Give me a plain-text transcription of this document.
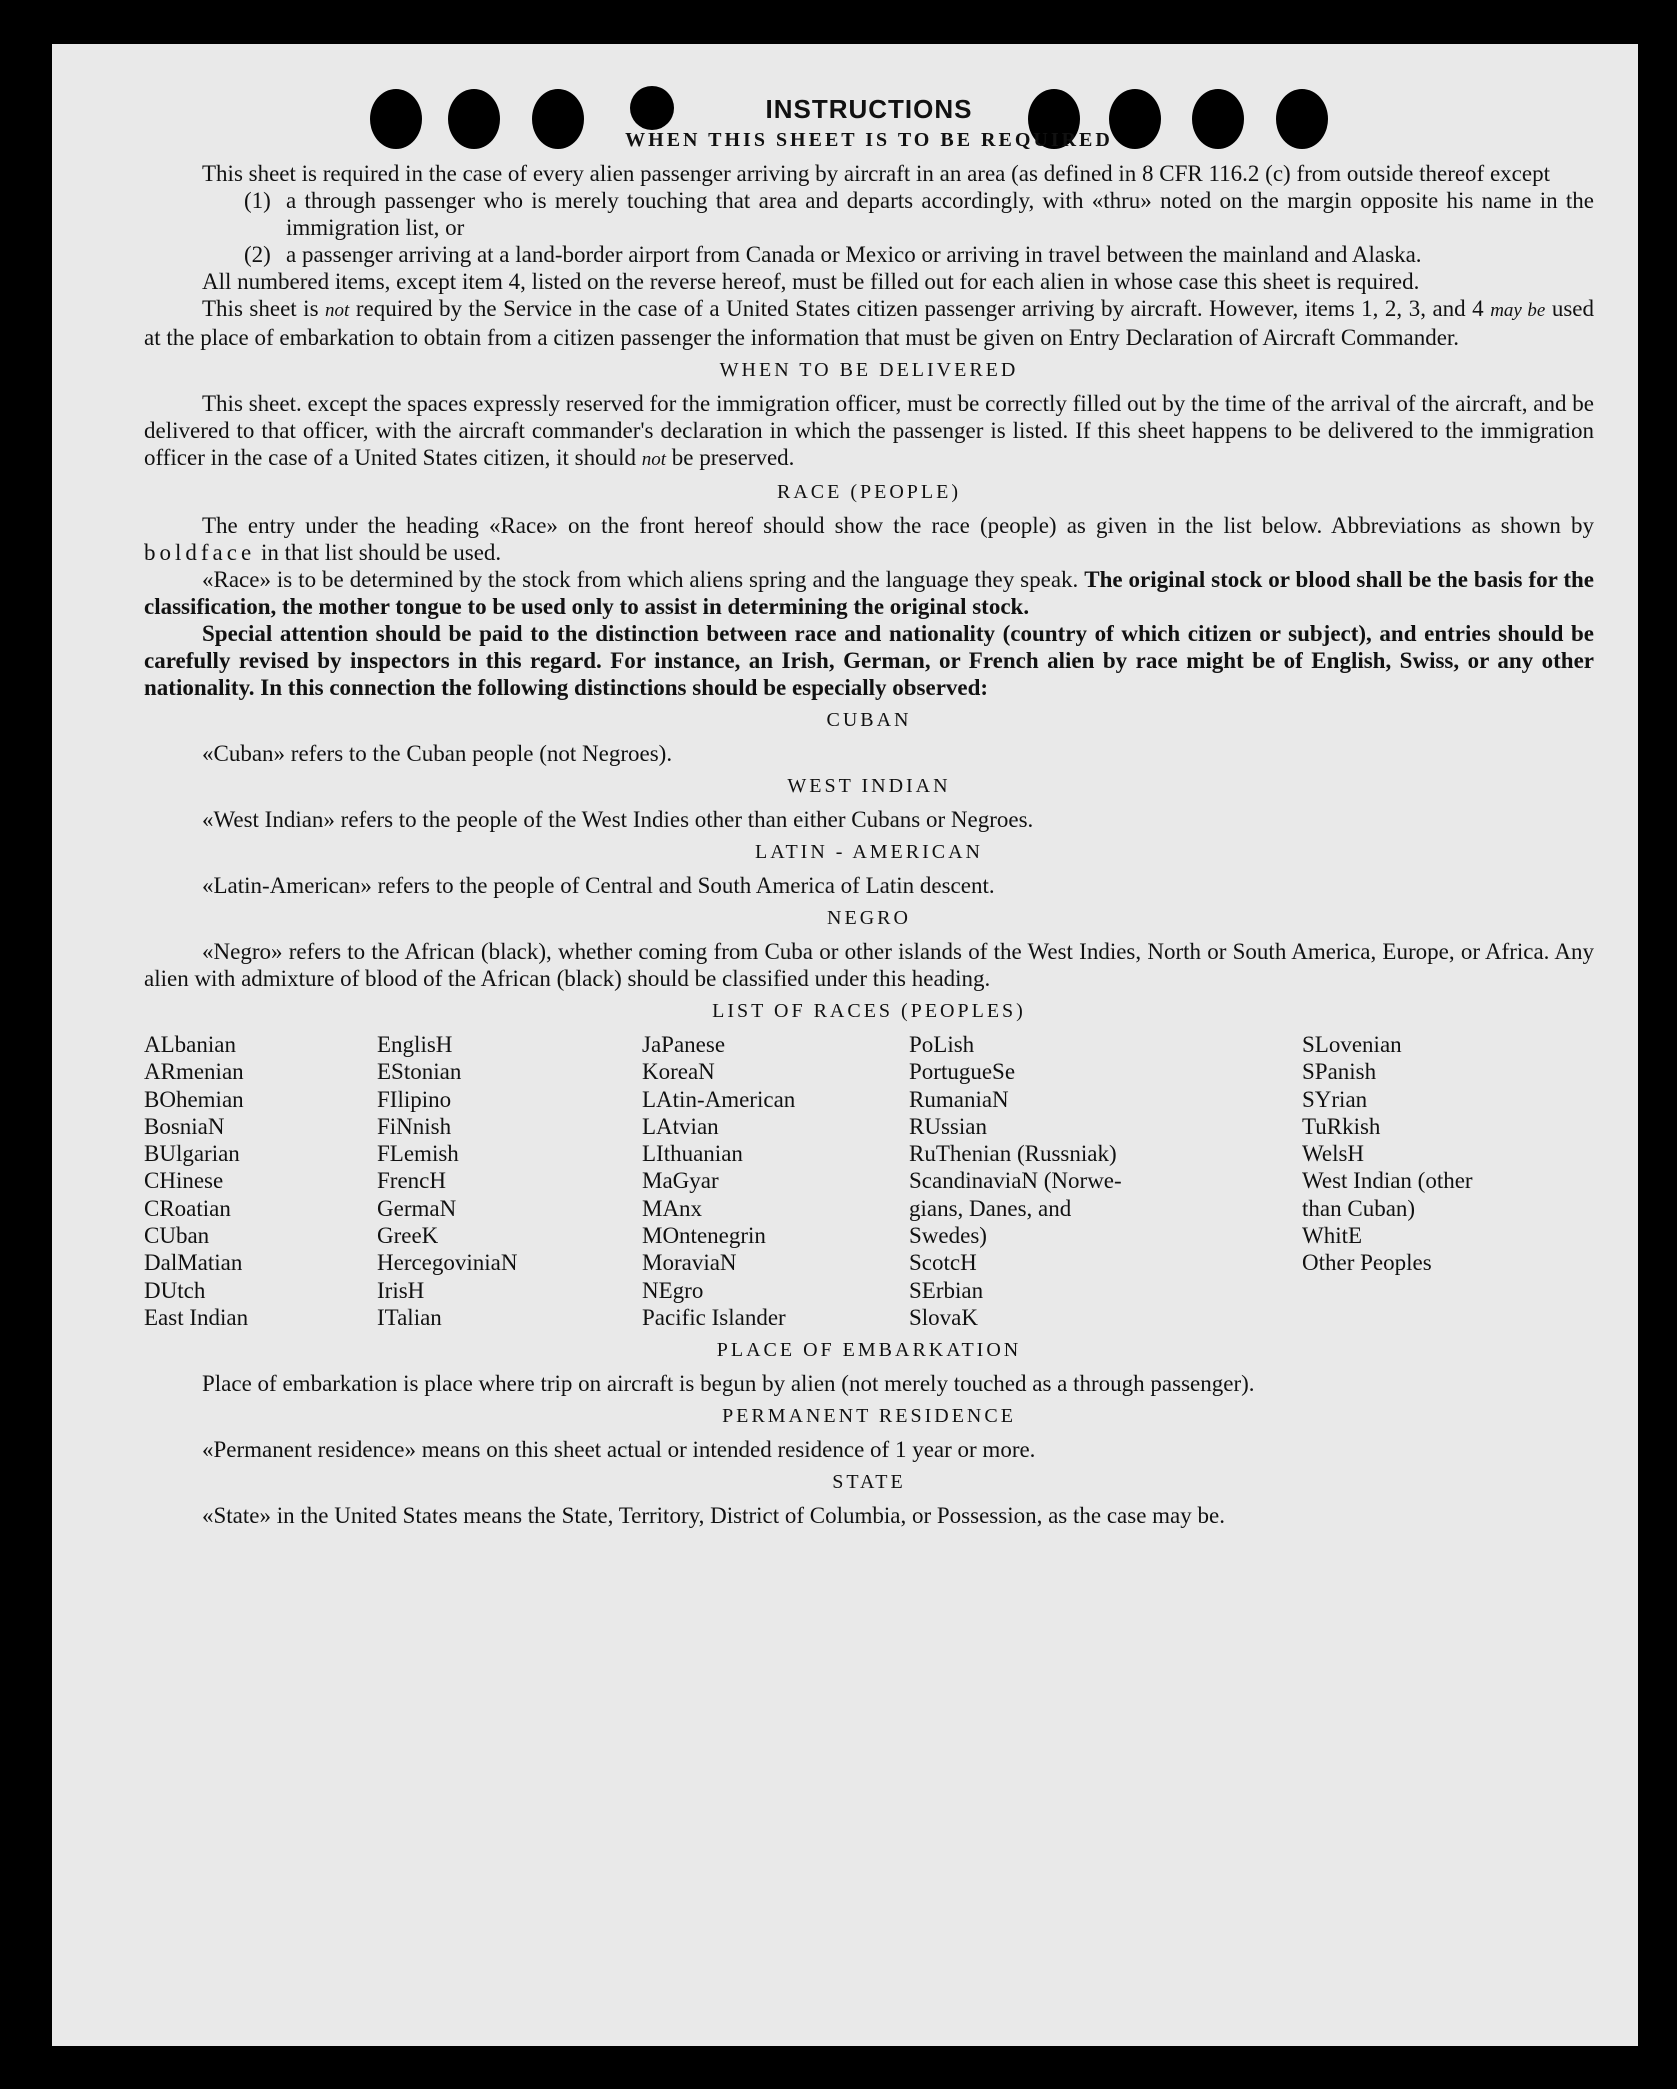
INSTRUCTIONS
WHEN THIS SHEET IS TO BE REQUIRED

This sheet is required in the case of every alien passenger arriving by aircraft in an area (as defined in 8 CFR 116.2 (c) from outside thereof except

(1) a through passenger who is merely touching that area and departs accordingly, with «thru» noted on the margin opposite his name in the immigration list, or
(2) a passenger arriving at a land-border airport from Canada or Mexico or arriving in travel between the mainland and Alaska.

All numbered items, except item 4, listed on the reverse hereof, must be filled out for each alien in whose case this sheet is required.

This sheet is not required by the Service in the case of a United States citizen passenger arriving by aircraft. However, items 1, 2, 3, and 4 may be used at the place of embarkation to obtain from a citizen passenger the information that must be given on Entry Declaration of Aircraft Commander.

WHEN TO BE DELIVERED

This sheet. except the spaces expressly reserved for the immigration officer, must be correctly filled out by the time of the arrival of the aircraft, and be delivered to that officer, with the aircraft commander's declaration in which the passenger is listed. If this sheet happens to be delivered to the immigration officer in the case of a United States citizen, it should not be preserved.

RACE (PEOPLE)

The entry under the heading «Race» on the front hereof should show the race (people) as given in the list below. Abbreviations as shown by boldface in that list should be used.

«Race» is to be determined by the stock from which aliens spring and the language they speak. The original stock or blood shall be the basis for the classification, the mother tongue to be used only to assist in determining the original stock.

Special attention should be paid to the distinction between race and nationality (country of which citizen or subject), and entries should be carefully revised by inspectors in this regard. For instance, an Irish, German, or French alien by race might be of English, Swiss, or any other nationality. In this connection the following distinctions should be especially observed:

CUBAN

«Cuban» refers to the Cuban people (not Negroes).

WEST INDIAN

«West Indian» refers to the people of the West Indies other than either Cubans or Negroes.

LATIN - AMERICAN

«Latin-American» refers to the people of Central and South America of Latin descent.

NEGRO

«Negro» refers to the African (black), whether coming from Cuba or other islands of the West Indies, North or South America, Europe, or Africa. Any alien with admixture of blood of the African (black) should be classified under this heading.

LIST OF RACES (PEOPLES)
ALbanian
ARmenian
BOhemian
BosniaN
BUlgarian
CHinese
CRoatian
CUban
DalMatian
DUtch
East Indian
EnglisH
EStonian
FIlipino
FiNnish
FLemish
FrencH
GermaN
GreeK
HercegoviniaN
IrisH
ITalian
JaPanese
KoreaN
LAtin-American
LAtvian
LIthuanian
MaGyar
MAnx
MOntenegrin
MoraviaN
NEgro
Pacific Islander
PoLish
PortugueSe
RumaniaN
RUssian
RuThenian (Russniak)
ScandinaviaN (Norwe-
gians, Danes, and
Swedes)
ScotcH
SErbian
SlovaK
SLovenian
SPanish
SYrian
TuRkish
WelsH
West Indian (other
than Cuban)
WhitE
Other Peoples
PLACE OF EMBARKATION

Place of embarkation is place where trip on aircraft is begun by alien (not merely touched as a through passenger).

PERMANENT RESIDENCE

«Permanent residence» means on this sheet actual or intended residence of 1 year or more.

STATE

«State» in the United States means the State, Territory, District of Columbia, or Possession, as the case may be.
